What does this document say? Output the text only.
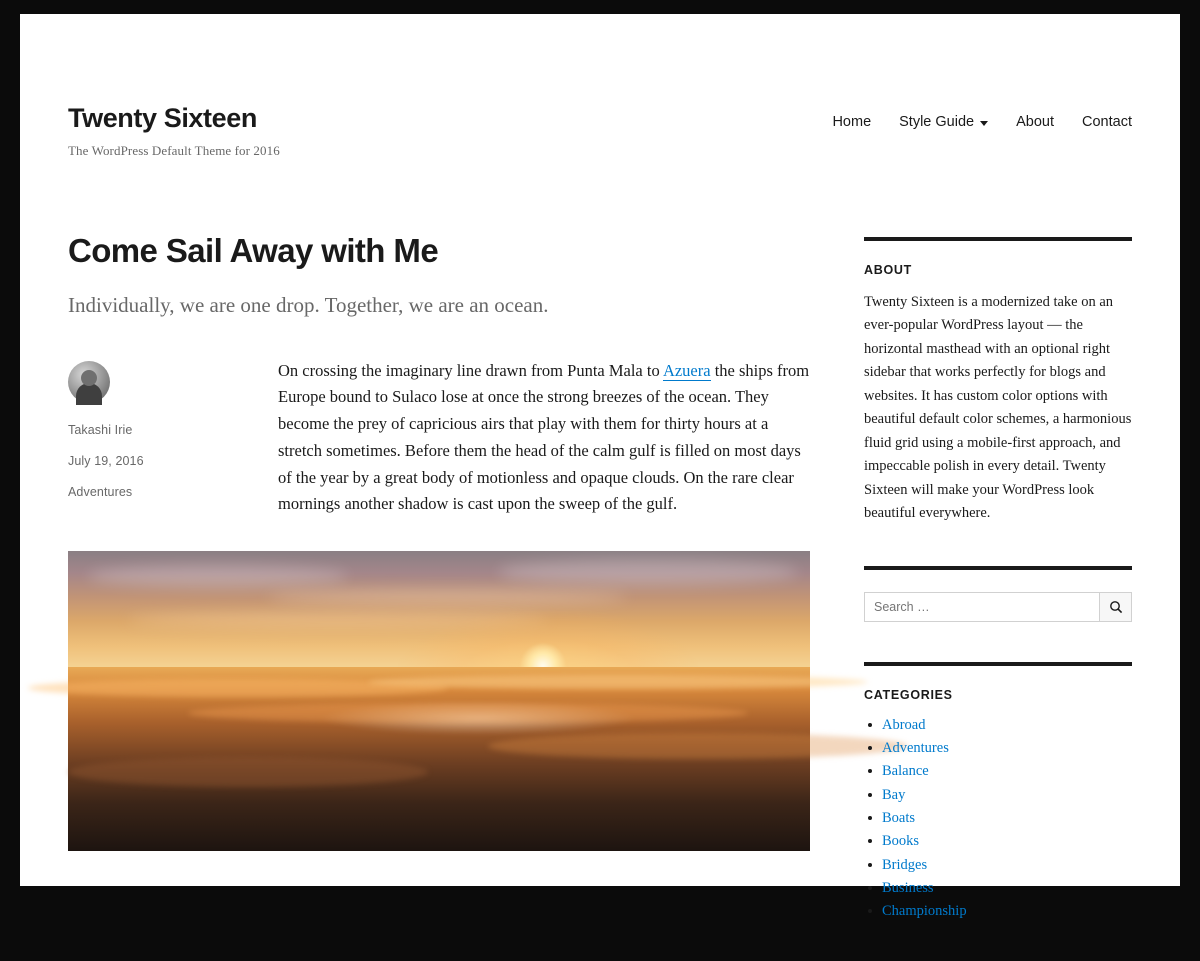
Twenty Sixteen

The WordPress Default Theme for 2016

Home Style Guide	About Contact
Come Sail Away with Me

Individually, we are one drop. Together, we are an ocean.

Takashi Irie
July 19, 2016
Adventures
On crossing the imaginary line drawn from Punta Mala to Azuera the ships from Europe bound to Sulaco lose at once the strong breezes of the ocean. They become the prey of capricious airs that play with them for thirty hours at a stretch sometimes. Before them the head of the calm gulf is filled on most days of the year by a great body of motionless and opaque clouds. On the rare clear mornings another shadow is cast upon the sweep of the gulf.
ABOUT

Twenty Sixteen is a modernized take on an ever-popular WordPress layout — the horizontal masthead with an optional right sidebar that works perfectly for blogs and websites. It has custom color options with beautiful default color schemes, a harmonious fluid grid using a mobile-first approach, and impeccable polish in every detail. Twenty Sixteen will make your WordPress look beautiful everywhere.

Search …
CATEGORIES
Abroad
Adventures
Balance
Bay
Boats
Books
Bridges
Business
Championship
